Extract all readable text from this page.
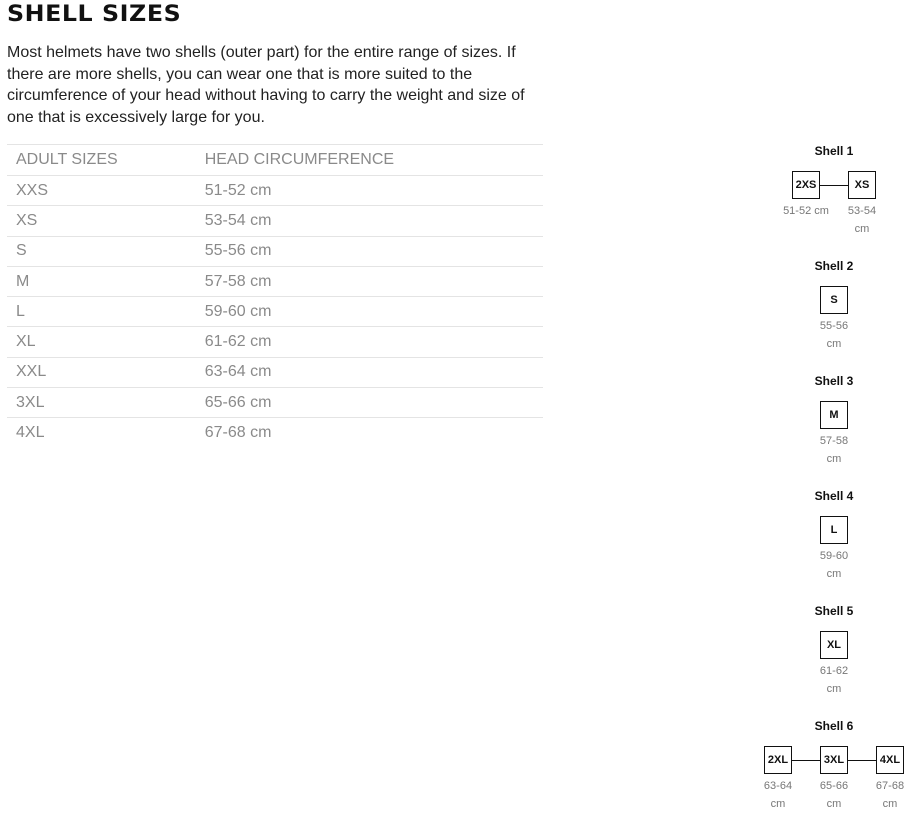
SHELL SIZES

Most helmets have two shells (outer part) for the entire range of sizes. If there are more shells, you can wear one that is more suited to the circumference of your head without having to carry the weight and size of one that is excessively large for you.

ADULT SIZES	HEAD CIRCUMFERENCE
XXS	51-52 cm
XS	53-54 cm
S	55-56 cm
M	57-58 cm
L	59-60 cm
XL	61-62 cm
XXL	63-64 cm
3XL	65-66 cm
4XL	67-68 cm
Shell 1
2XS
51-52 cm
XS
53-54
cm
Shell 2
S
55-56
cm
Shell 3
M
57-58
cm
Shell 4
L
59-60
cm
Shell 5
XL
61-62
cm
Shell 6
2XL
63-64
cm
3XL
65-66
cm
4XL
67-68
cm
